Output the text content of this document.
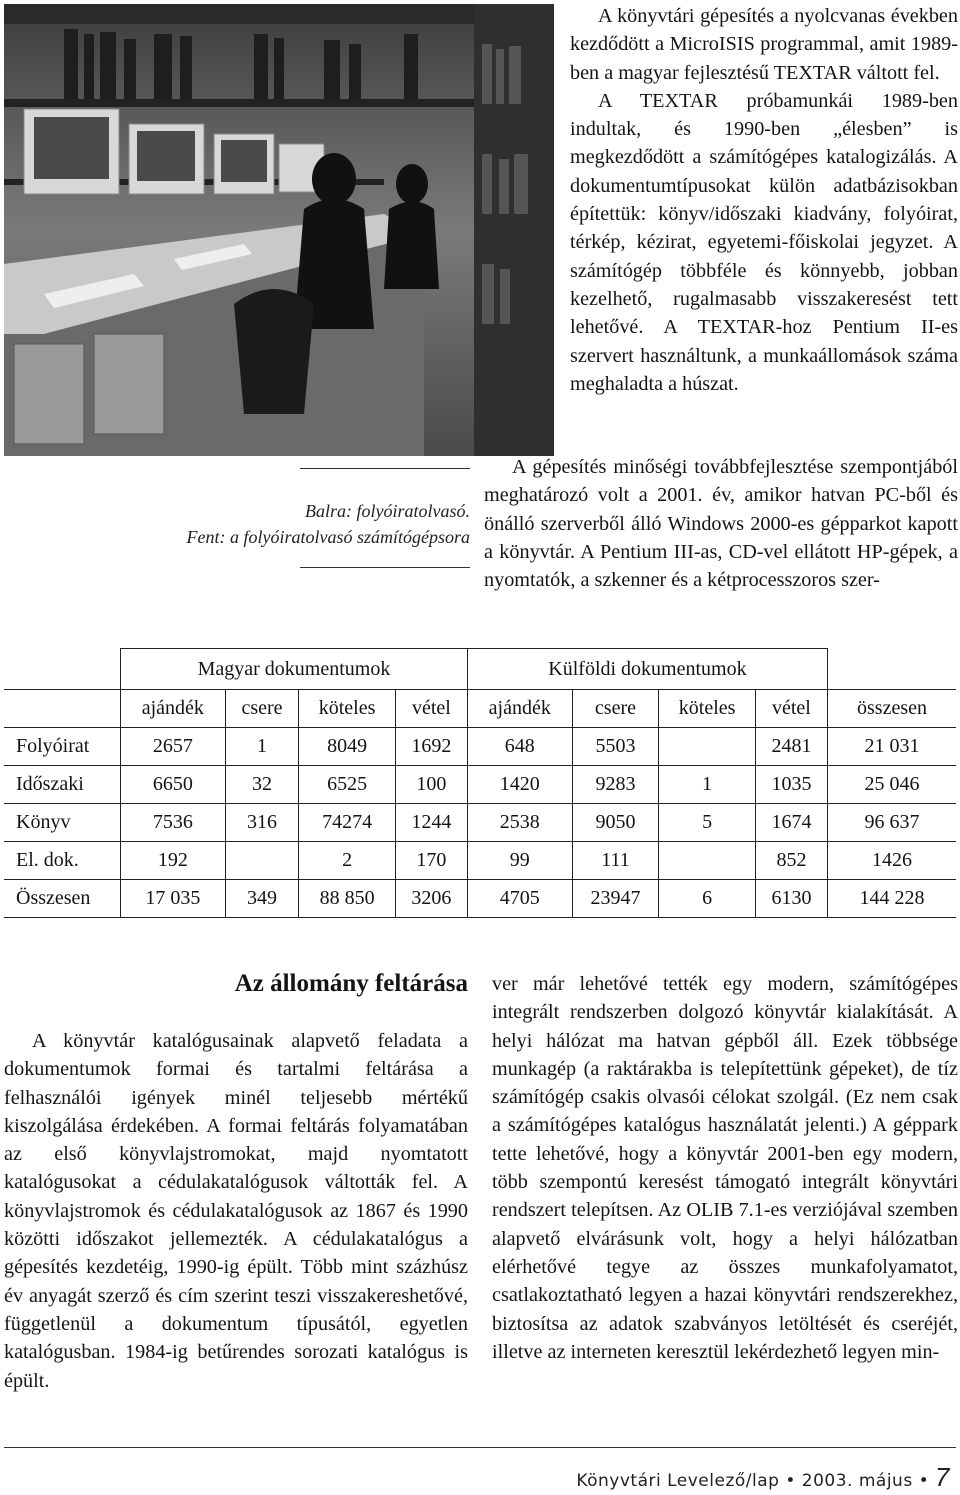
Balra: folyóiratolvasó.
Fent: a folyóiratolvasó számítógépsora

A könyvtári gépesítés a nyolcvanas években kezdődött a MicroISIS programmal, amit 1989-ben a magyar fejlesztésű TEXTAR váltott fel.

A TEXTAR próbamunkái 1989-ben indultak, és 1990-ben „élesben” is megkezdődött a számítógépes katalogizálás. A dokumentumtípusokat külön adatbázisokban építettük: könyv/időszaki kiadvány, folyóirat, térkép, kézirat, egyetemi-főiskolai jegyzet. A számítógép többféle és könnyebb, jobban kezelhető, rugalmasabb visszakeresést tett lehetővé. A TEXTAR-hoz Pentium II-es szervert használtunk, a munkaállomások száma meghaladta a húszat.

A gépesítés minőségi továbbfejlesztése szempontjából meghatározó volt a 2001. év, amikor hatvan PC-ből és önálló szerverből álló Windows 2000-es gépparkot kapott a könyvtár. A Pentium III-as, CD-vel ellátott HP-gépek, a nyomtatók, a szkenner és a kétprocesszoros szer-

	Magyar dokumentumok				Külföldi dokumentumok				
	ajándék	csere	köteles	vétel	ajándék	csere	köteles	vétel	összesen
Folyóirat	2657	1	8049	1692	648	5503		2481	21 031
Időszaki	6650	32	6525	100	1420	9283	1	1035	25 046
Könyv	7536	316	74274	1244	2538	9050	5	1674	96 637
El. dok.	192		2	170	99	111		852	1426
Összesen	17 035	349	88 850	3206	4705	23947	6	6130	144 228
Az állomány feltárása

A könyvtár katalógusainak alapvető feladata a dokumentumok formai és tartalmi feltárása a felhasználói igények minél teljesebb mértékű kiszolgálása érdekében. A formai feltárás folyamatában az első könyvlajstromokat, majd nyomtatott katalógusokat a cédulakatalógusok váltották fel. A könyvlajstromok és cédulakatalógusok az 1867 és 1990 közötti időszakot jellemezték. A cédulakatalógus a gépesítés kezdetéig, 1990-ig épült. Több mint százhúsz év anyagát szerző és cím szerint teszi visszakereshetővé, függetlenül a dokumentum típusától, egyetlen katalógusban. 1984-ig betűrendes sorozati katalógus is épült.

ver már lehetővé tették egy modern, számítógépes integrált rendszerben dolgozó könyvtár kialakítását. A helyi hálózat ma hatvan gépből áll. Ezek többsége munkagép (a raktárakba is telepítettünk gépeket), de tíz számítógép csakis olvasói célokat szolgál. (Ez nem csak a számítógépes katalógus használatát jelenti.) A géppark tette lehetővé, hogy a könyvtár 2001-ben egy modern, több szempontú keresést támogató integrált könyvtári rendszert telepítsen. Az OLIB 7.1-es verziójával szemben alapvető elvárásunk volt, hogy a helyi hálózatban elérhetővé tegye az összes munkafolyamatot, csatlakoztatható legyen a hazai könyvtári rendszerekhez, biztosítsa az adatok szabványos letöltését és cseréjét, illetve az interneten keresztül lekérdezhető legyen min-

Könyvtári Levelező/lap • 2003. május • 7
